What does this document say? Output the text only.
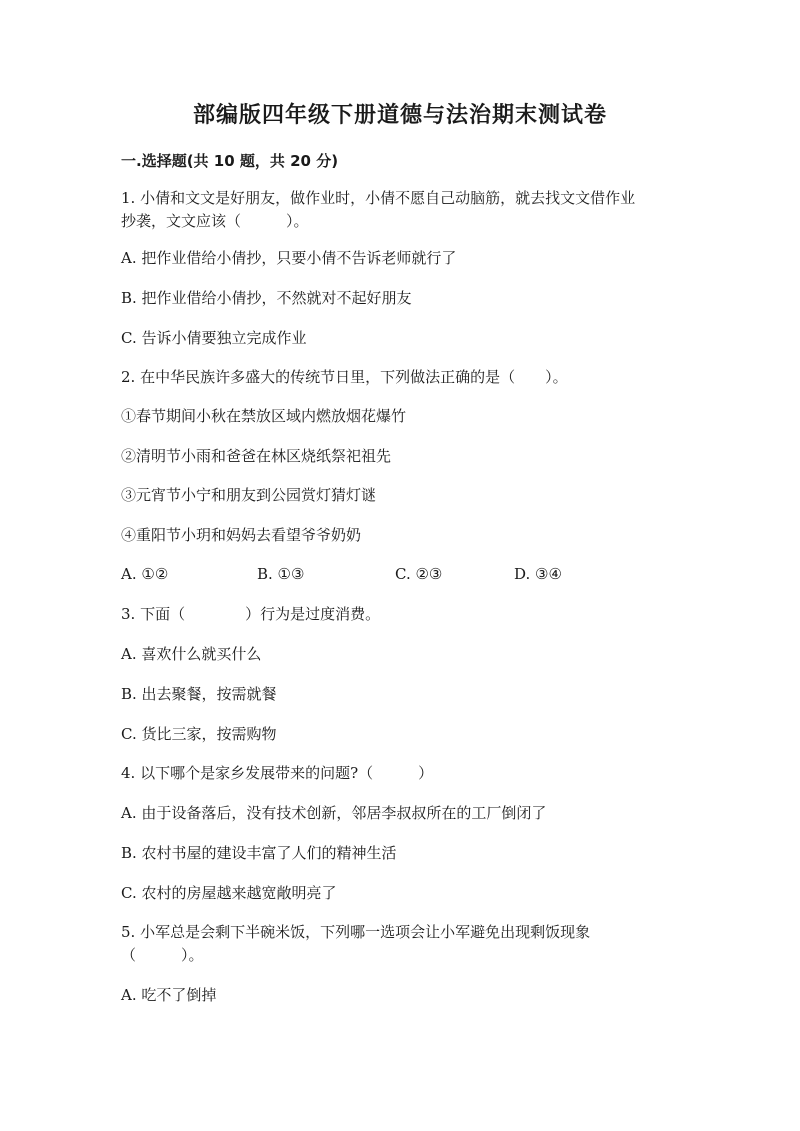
部编版四年级下册道德与法治期末测试卷
一.选择题(共 10 题，共 20 分)
1. 小倩和文文是好朋友，做作业时，小倩不愿自己动脑筋，就去找文文借作业
抄袭，文文应该（　　　）。
A. 把作业借给小倩抄，只要小倩不告诉老师就行了
B. 把作业借给小倩抄，不然就对不起好朋友
C. 告诉小倩要独立完成作业
2. 在中华民族许多盛大的传统节日里，下列做法正确的是（　　）。
①春节期间小秋在禁放区域内燃放烟花爆竹
②清明节小雨和爸爸在林区烧纸祭祀祖先
③元宵节小宁和朋友到公园赏灯猜灯谜
④重阳节小玥和妈妈去看望爷爷奶奶
A. ①②	B. ①③	C. ②③	D. ③④
3. 下面（　　　　）行为是过度消费。
A. 喜欢什么就买什么
B. 出去聚餐，按需就餐
C. 货比三家，按需购物
4. 以下哪个是家乡发展带来的问题?（　　　）
A. 由于设备落后，没有技术创新，邻居李叔叔所在的工厂倒闭了
B. 农村书屋的建设丰富了人们的精神生活
C. 农村的房屋越来越宽敞明亮了
5. 小军总是会剩下半碗米饭，下列哪一选项会让小军避免出现剩饭现象
（　　　）。
A. 吃不了倒掉
